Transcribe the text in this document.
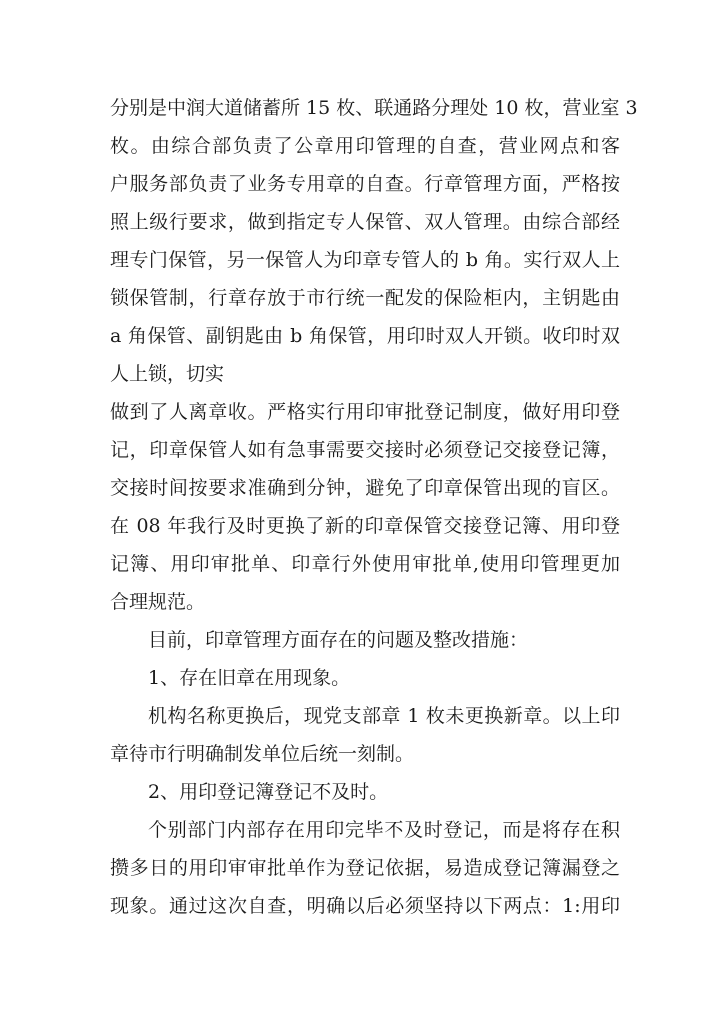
分别是中润大道储蓄所 15 枚、联通路分理处 10 枚，营业室 3
枚。由综合部负责了公章用印管理的自查，营业网点和客
户服务部负责了业务专用章的自查。行章管理方面，严格按
照上级行要求，做到指定专人保管、双人管理。由综合部经
理专门保管，另一保管人为印章专管人的 b 角。实行双人上
锁保管制，行章存放于市行统一配发的保险柜内，主钥匙由
a 角保管、副钥匙由 b 角保管，用印时双人开锁。收印时双
人上锁，切实
做到了人离章收。严格实行用印审批登记制度，做好用印登
记，印章保管人如有急事需要交接时必须登记交接登记簿，
交接时间按要求准确到分钟，避免了印章保管出现的盲区。
在 08 年我行及时更换了新的印章保管交接登记簿、用印登
记簿、用印审批单、印章行外使用审批单,使用印管理更加
合理规范。
目前，印章管理方面存在的问题及整改措施：
1、存在旧章在用现象。
机构名称更换后，现党支部章 1 枚未更换新章。以上印
章待市行明确制发单位后统一刻制。
2、用印登记簿登记不及时。
个别部门内部存在用印完毕不及时登记，而是将存在积
攒多日的用印审审批单作为登记依据，易造成登记簿漏登之
现象。通过这次自查，明确以后必须坚持以下两点：1:用印
